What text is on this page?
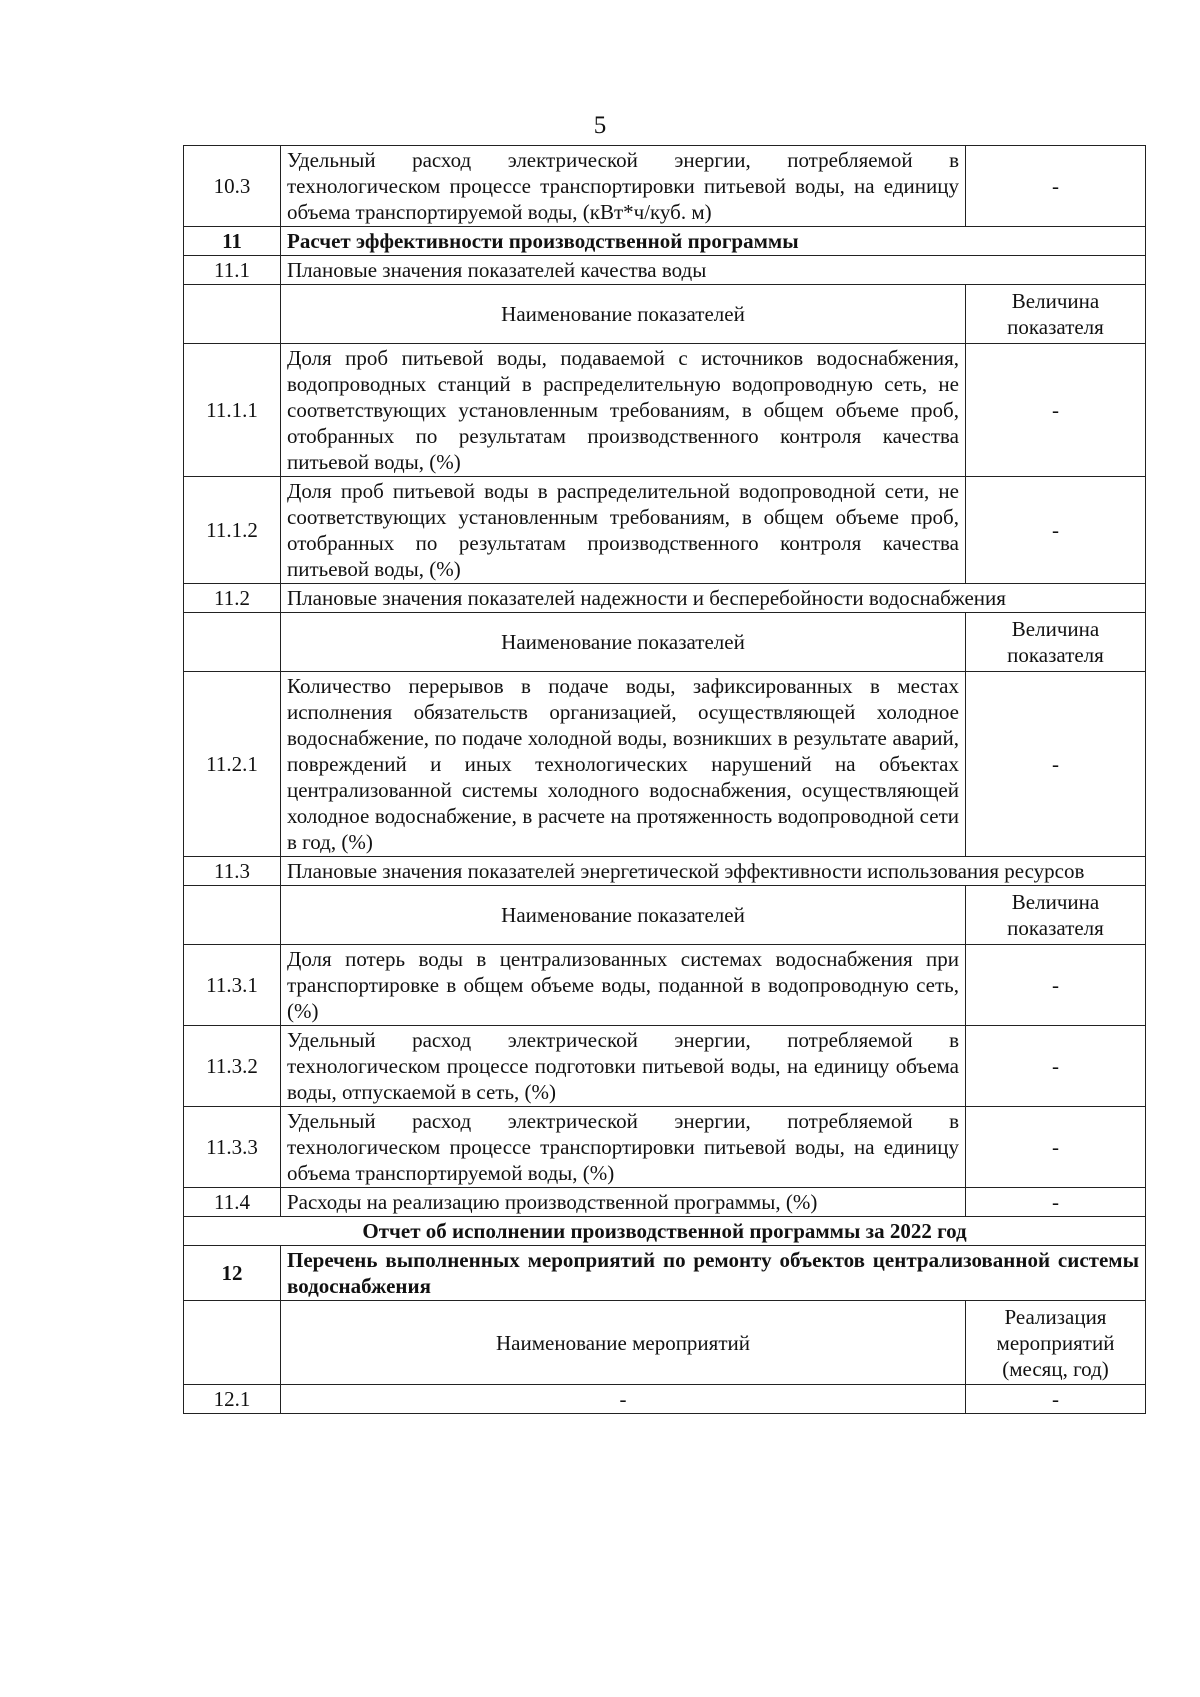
5
10.3	Удельный расход электрической энергии, потребляемой в технологическом процессе транспортировки питьевой воды, на единицу объема транспортируемой воды, (кВт*ч/куб. м)	-
11	Расчет эффективности производственной программы	
11.1	Плановые значения показателей качества воды	
	Наименование показателей	Величина показателя
11.1.1	Доля проб питьевой воды, подаваемой с источников водоснабжения, водопроводных станций в распределительную водопроводную сеть, не соответствующих установленным требованиям, в общем объеме проб, отобранных по результатам производственного контроля качества питьевой воды, (%)	-
11.1.2	Доля проб питьевой воды в распределительной водопроводной сети, не соответствующих установленным требованиям, в общем объеме проб, отобранных по результатам производственного контроля качества питьевой воды, (%)	-
11.2	Плановые значения показателей надежности и бесперебойности водоснабжения	
	Наименование показателей	Величина показателя
11.2.1	Количество перерывов в подаче воды, зафиксированных в местах исполнения обязательств организацией, осуществляющей холодное водоснабжение, по подаче холодной воды, возникших в результате аварий, повреждений и иных технологических нарушений на объектах централизованной системы холодного водоснабжения, осуществляющей холодное водоснабжение, в расчете на протяженность водопроводной сети в год, (%)	-
11.3	Плановые значения показателей энергетической эффективности использования ресурсов	
	Наименование показателей	Величина показателя
11.3.1	Доля потерь воды в централизованных системах водоснабжения при транспортировке в общем объеме воды, поданной в водопроводную сеть, (%)	-
11.3.2	Удельный расход электрической энергии, потребляемой в технологическом процессе подготовки питьевой воды, на единицу объема воды, отпускаемой в сеть, (%)	-
11.3.3	Удельный расход электрической энергии, потребляемой в технологическом процессе транспортировки питьевой воды, на единицу объема транспортируемой воды, (%)	-
11.4	Расходы на реализацию производственной программы, (%)	-
Отчет об исполнении производственной программы за 2022 год		
12	Перечень выполненных мероприятий по ремонту объектов централизованной системы водоснабжения	
	Наименование мероприятий	Реализация мероприятий (месяц, год)
12.1	-	-
